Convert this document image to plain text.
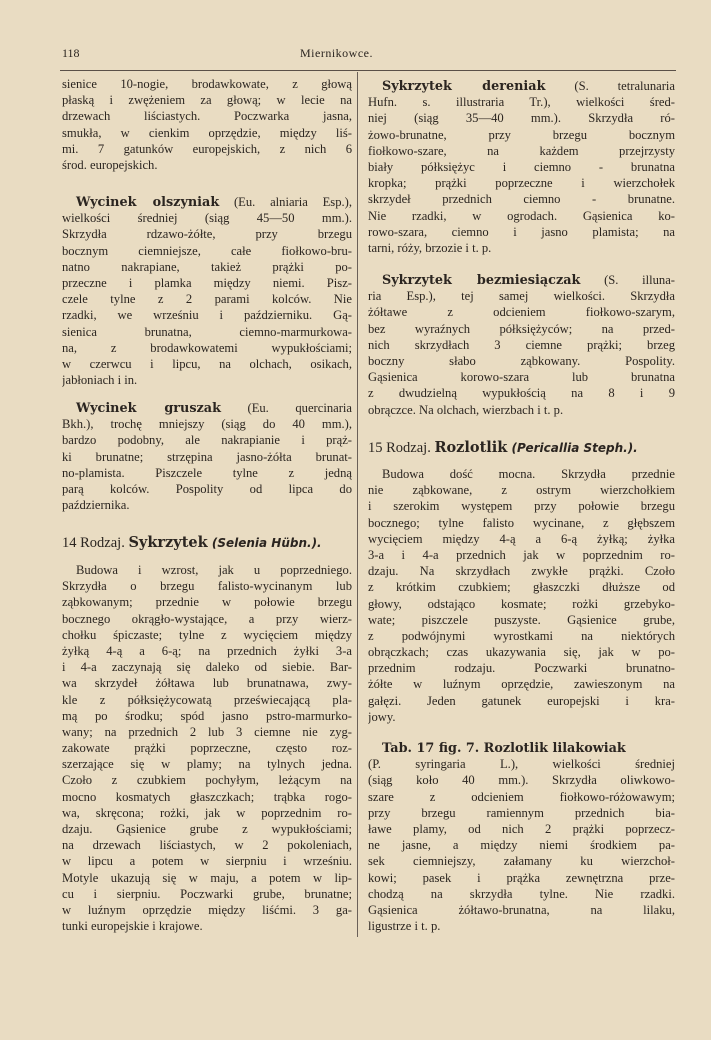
118	Miernikowce.
sienice 10-nogie, brodawkowate, z głową
płaską i zwężeniem za głową; w lecie na
drzewach liściastych. Poczwarka jasna,
smukła, w cienkim oprzędzie, między liś-
mi. 7 gatunków europejskich, z nich 6
środ. europejskich.
Wycinek olszyniak (Eu. alniaria Esp.),
wielkości średniej (siąg 45—50 mm.).
Skrzydła rdzawo-żółte, przy brzegu
bocznym ciemniejsze, całe fiołkowo-bru-
natno nakrapiane, takież prążki po-
przeczne i plamka między niemi. Pisz-
czele tylne z 2 parami kolców. Nie
rzadki, we wrześniu i październiku. Gą-
sienica brunatna, ciemno-marmurkowa-
na, z brodawkowatemi wypukłościami;
w czerwcu i lipcu, na olchach, osikach,
jabłoniach i in.
Wycinek gruszak (Eu. quercinaria
Bkh.), trochę mniejszy (siąg do 40 mm.),
bardzo podobny, ale nakrapianie i prąż-
ki brunatne; strzępina jasno-żółta brunat-
no-plamista. Piszczele tylne z jedną
parą kolców. Pospolity od lipca do
października.
14 Rodzaj. Sykrzytek (Selenia Hübn.).
Budowa i wzrost, jak u poprzedniego.
Skrzydła o brzegu falisto-wycinanym lub
ząbkowanym; przednie w połowie brzegu
bocznego okrągło-wystające, a przy wierz-
chołku śpiczaste; tylne z wycięciem między
żyłką 4-ą a 6-ą; na przednich żyłki 3-a
i 4-a zaczynają się daleko od siebie. Bar-
wa skrzydeł żółtawa lub brunatnawa, zwy-
kle z półksiężycowatą przeświecającą pla-
mą po środku; spód jasno pstro-marmurko-
wany; na przednich 2 lub 3 ciemne nie zyg-
zakowate prążki poprzeczne, często roz-
szerzające się w plamy; na tylnych jedna.
Czoło z czubkiem pochyłym, leżącym na
mocno kosmatych głaszczkach; trąbka rogo-
wa, skręcona; rożki, jak w poprzednim ro-
dzaju. Gąsienice grube z wypukłościami;
na drzewach liściastych, w 2 pokoleniach,
w lipcu a potem w sierpniu i wrześniu.
Motyle ukazują się w maju, a potem w lip-
cu i sierpniu. Poczwarki grube, brunatne;
w luźnym oprzędzie między liśćmi. 3 ga-
tunki europejskie i krajowe.
Sykrzytek dereniak (S. tetralunaria
Hufn. s. illustraria Tr.), wielkości śred-
niej (siąg 35—40 mm.). Skrzydła ró-
żowo-brunatne, przy brzegu bocznym
fiołkowo-szare, na każdem przejrzysty
biały półksiężyc i ciemno - brunatna
kropka; prążki poprzeczne i wierzchołek
skrzydeł przednich ciemno - brunatne.
Nie rzadki, w ogrodach. Gąsienica ko-
rowo-szara, ciemno i jasno plamista; na
tarni, róży, brzozie i t. p.
Sykrzytek bezmiesiączak (S. illuna-
ria Esp.), tej samej wielkości. Skrzydła
żółtawe z odcieniem fiołkowo-szarym,
bez wyraźnych półksiężyców; na przed-
nich skrzydłach 3 ciemne prążki; brzeg
boczny słabo ząbkowany. Pospolity.
Gąsienica korowo-szara lub brunatna
z dwudzielną wypukłością na 8 i 9
obrączce. Na olchach, wierzbach i t. p.
15 Rodzaj. Rozlotlik (Pericallia Steph.).
Budowa dość mocna. Skrzydła przednie
nie ząbkowane, z ostrym wierzchołkiem
i szerokim występem przy połowie brzegu
bocznego; tylne falisto wycinane, z głębszem
wycięciem między 4-ą a 6-ą żyłką; żyłka
3-a i 4-a przednich jak w poprzednim ro-
dzaju. Na skrzydłach zwykłe prążki. Czoło
z krótkim czubkiem; głaszczki dłuższe od
głowy, odstająco kosmate; rożki grzebyko-
wate; piszczele puszyste. Gąsienice grube,
z podwójnymi wyrostkami na niektórych
obrączkach; czas ukazywania się, jak w po-
przednim rodzaju. Poczwarki brunatno-
żółte w luźnym oprzędzie, zawieszonym na
gałęzi. Jeden gatunek europejski i kra-
jowy.
Tab. 17 fig. 7. Rozlotlik lilakowiak
(P. syringaria L.), wielkości średniej
(siąg koło 40 mm.). Skrzydła oliwkowo-
szare z odcieniem fiołkowo-różowawym;
przy brzegu ramiennym przednich bia-
ławe plamy, od nich 2 prążki poprzecz-
ne jasne, a między niemi środkiem pa-
sek ciemniejszy, załamany ku wierzchoł-
kowi; pasek i prążka zewnętrzna prze-
chodzą na skrzydła tylne. Nie rzadki.
Gąsienica żółtawo-brunatna, na lilaku,
ligustrze i t. p.
